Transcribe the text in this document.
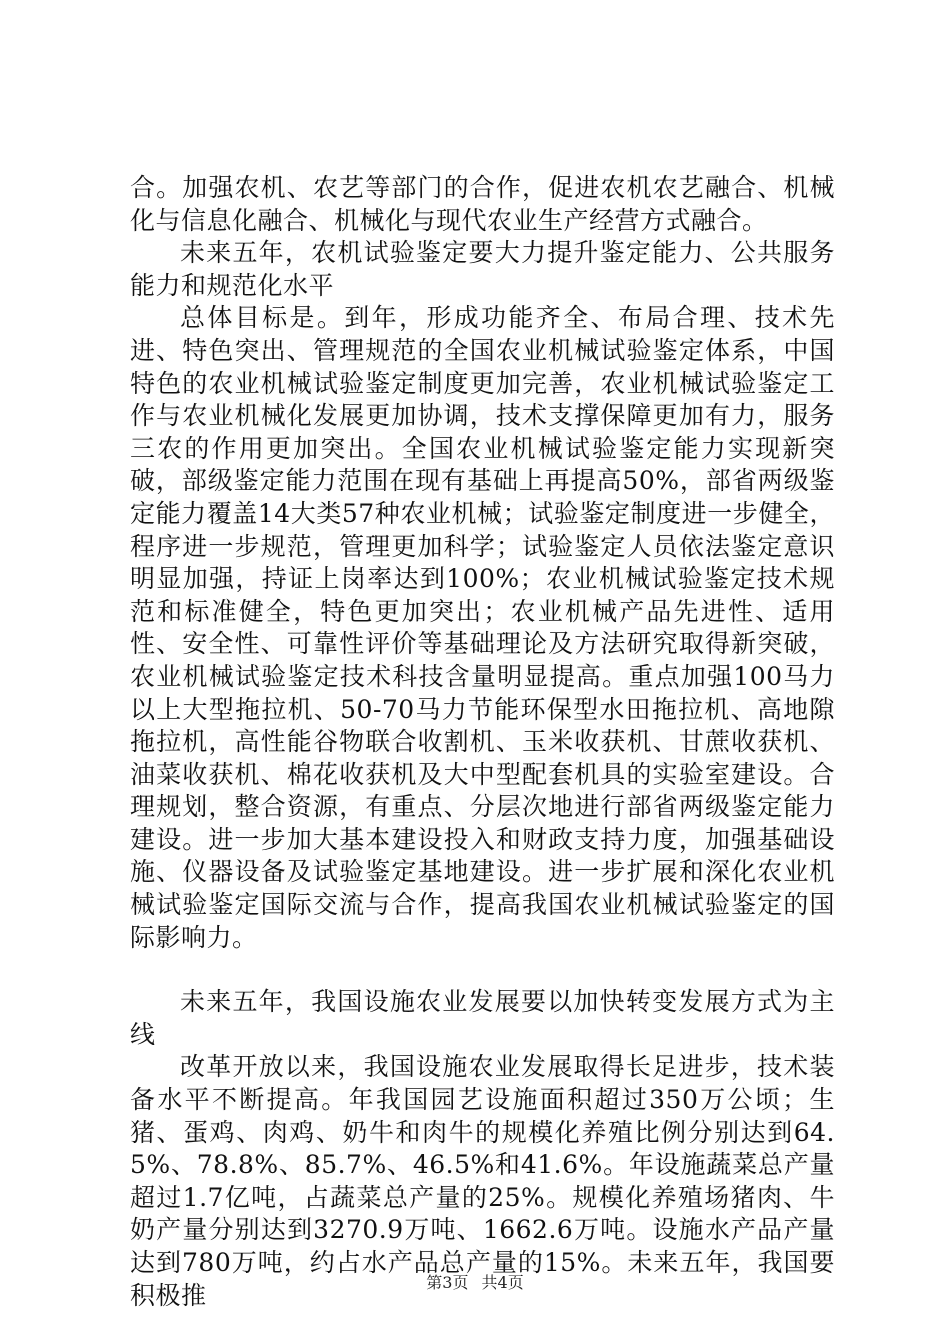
合。加强农机、农艺等部门的合作，促进农机农艺融合、机械化与信息化融合、机械化与现代农业生产经营方式融合。

未来五年，农机试验鉴定要大力提升鉴定能力、公共服务能力和规范化水平

总体目标是。到年，形成功能齐全、布局合理、技术先进、特色突出、管理规范的全国农业机械试验鉴定体系，中国特色的农业机械试验鉴定制度更加完善，农业机械试验鉴定工作与农业机械化发展更加协调，技术支撑保障更加有力，服务三农的作用更加突出。全国农业机械试验鉴定能力实现新突破，部级鉴定能力范围在现有基础上再提高50%，部省两级鉴定能力覆盖14大类57种农业机械；试验鉴定制度进一步健全，程序进一步规范，管理更加科学；试验鉴定人员依法鉴定意识明显加强，持证上岗率达到100%；农业机械试验鉴定技术规范和标准健全，特色更加突出；农业机械产品先进性、适用性、安全性、可靠性评价等基础理论及方法研究取得新突破，农业机械试验鉴定技术科技含量明显提高。重点加强100马力以上大型拖拉机、50-70马力节能环保型水田拖拉机、高地隙拖拉机，高性能谷物联合收割机、玉米收获机、甘蔗收获机、油菜收获机、棉花收获机及大中型配套机具的实验室建设。合理规划，整合资源，有重点、分层次地进行部省两级鉴定能力建设。进一步加大基本建设投入和财政支持力度，加强基础设施、仪器设备及试验鉴定基地建设。进一步扩展和深化农业机械试验鉴定国际交流与合作，提高我国农业机械试验鉴定的国际影响力。

未来五年，我国设施农业发展要以加快转变发展方式为主线

改革开放以来，我国设施农业发展取得长足进步，技术装备水平不断提高。年我国园艺设施面积超过350万公顷；生猪、蛋鸡、肉鸡、奶牛和肉牛的规模化养殖比例分别达到64.5%、78.8%、85.7%、46.5%和41.6%。年设施蔬菜总产量超过1.7亿吨，占蔬菜总产量的25%。规模化养殖场猪肉、牛奶产量分别达到3270.9万吨、1662.6万吨。设施水产品产量达到780万吨，约占水产品总产量的15%。未来五年，我国要积极推	第3页 共4页
